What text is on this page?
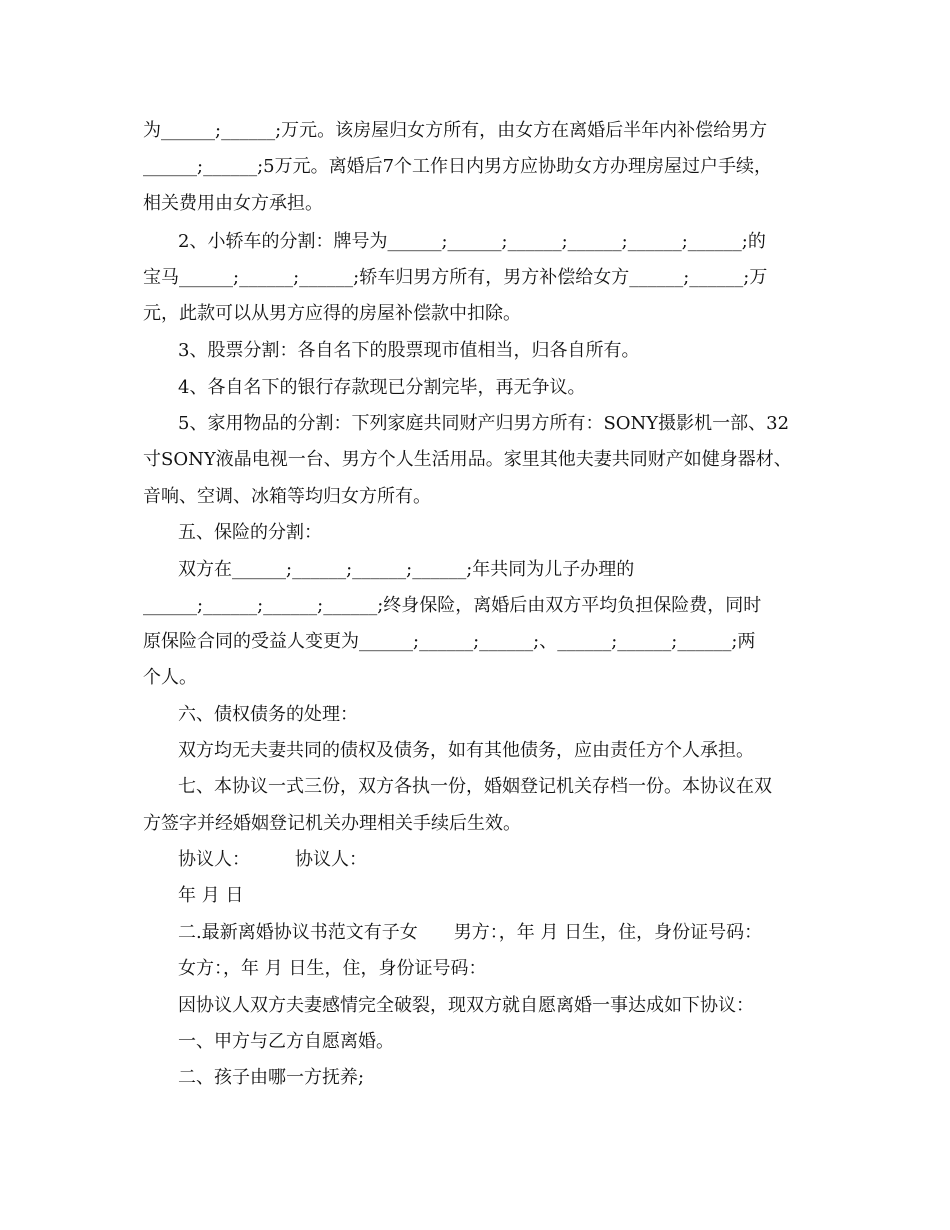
为______;______;万元。该房屋归女方所有，由女方在离婚后半年内补偿给男方
______;______;5万元。离婚后7个工作日内男方应协助女方办理房屋过户手续，
相关费用由女方承担。
2、小轿车的分割：牌号为______;______;______;______;______;______;的
宝马______;______;______;轿车归男方所有，男方补偿给女方______;______;万
元，此款可以从男方应得的房屋补偿款中扣除。
3、股票分割：各自名下的股票现市值相当，归各自所有。
4、各自名下的银行存款现已分割完毕，再无争议。
5、家用物品的分割：下列家庭共同财产归男方所有：SONY摄影机一部、32
寸SONY液晶电视一台、男方个人生活用品。家里其他夫妻共同财产如健身器材、
音响、空调、冰箱等均归女方所有。
五、保险的分割：
双方在______;______;______;______;年共同为儿子办理的
______;______;______;______;终身保险，离婚后由双方平均负担保险费，同时
原保险合同的受益人变更为______;______;______;、______;______;______;两
个人。
六、债权债务的处理：
双方均无夫妻共同的债权及债务，如有其他债务，应由责任方个人承担。
七、本协议一式三份，双方各执一份，婚姻登记机关存档一份。本协议在双
方签字并经婚姻登记机关办理相关手续后生效。
协议人：　　　协议人：
年 月 日
二.最新离婚协议书范文有子女　　男方：，年 月 日生，住，身份证号码：
女方：，年 月 日生，住，身份证号码：
因协议人双方夫妻感情完全破裂，现双方就自愿离婚一事达成如下协议：
一、甲方与乙方自愿离婚。
二、孩子由哪一方抚养;
